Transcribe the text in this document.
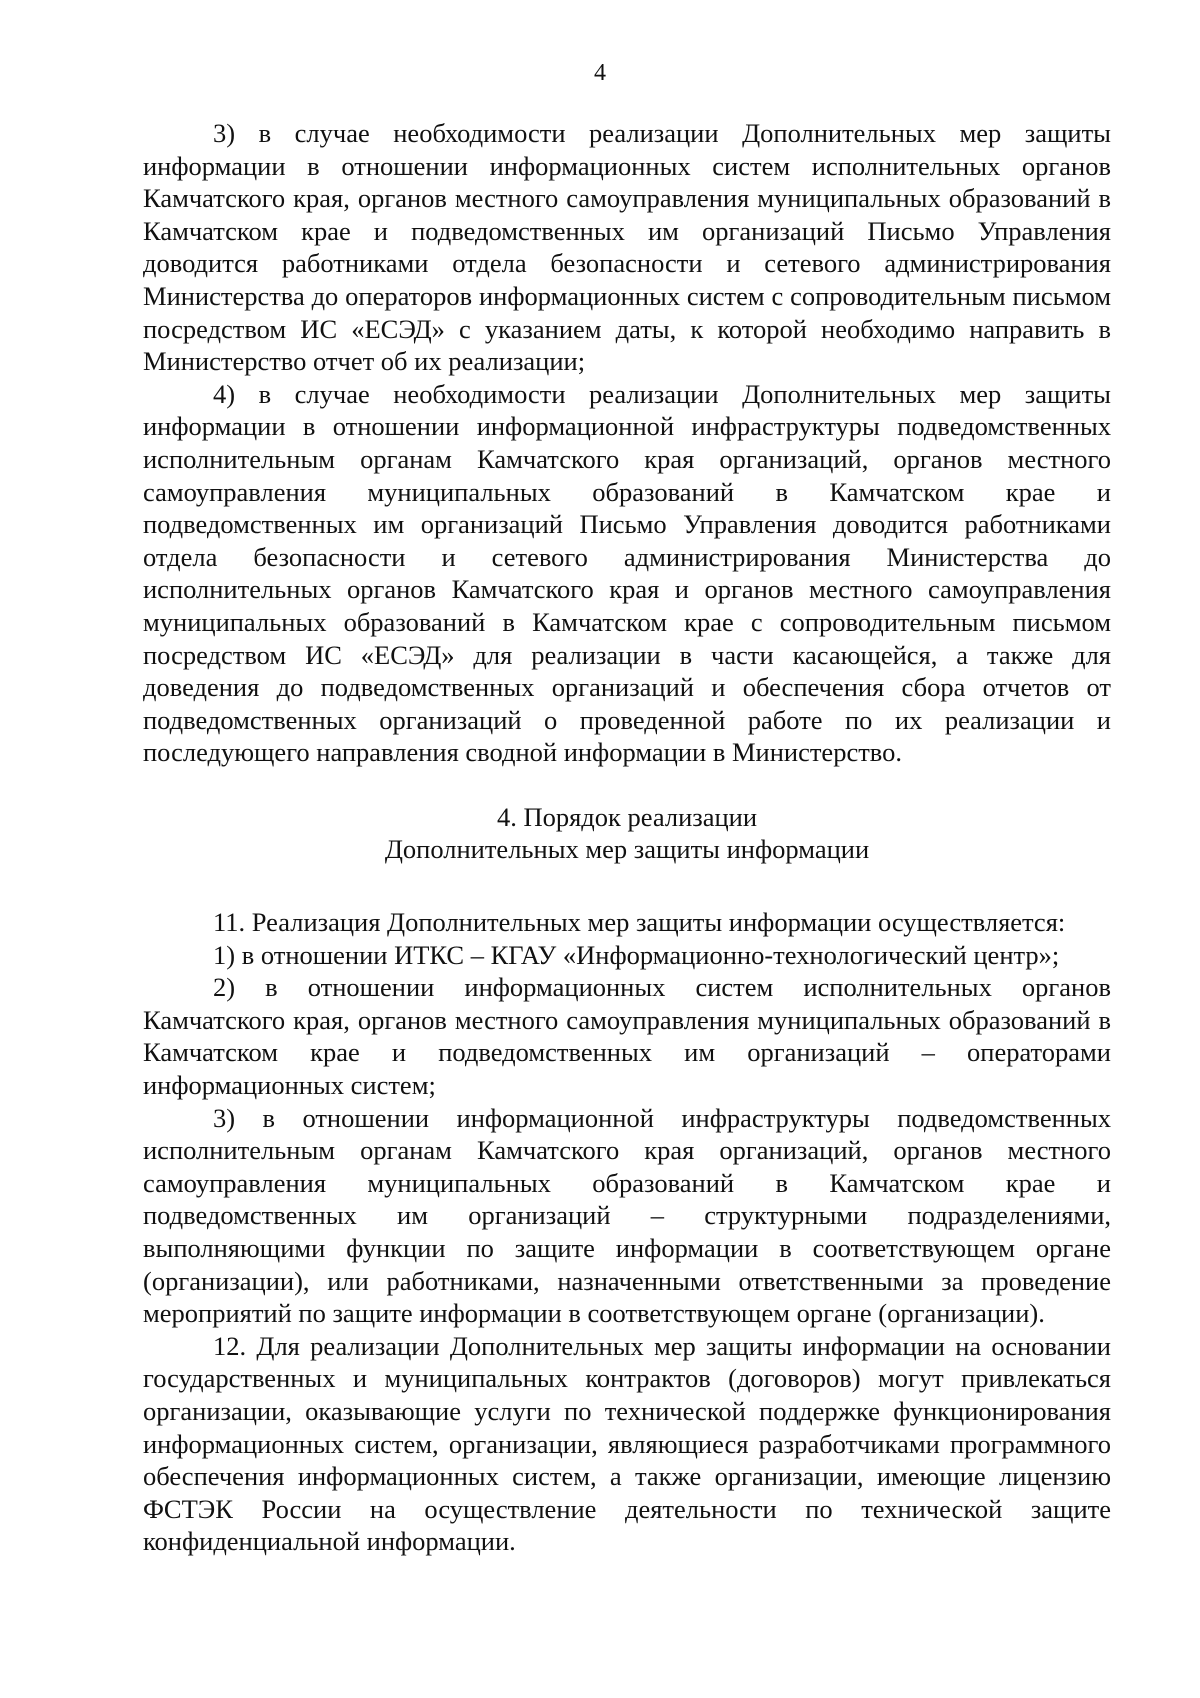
4

3) в случае необходимости реализации Дополнительных мер защиты информации в отношении информационных систем исполнительных органов Камчатского края, органов местного самоуправления муниципальных образований в Камчатском крае и подведомственных им организаций Письмо Управления доводится работниками отдела безопасности и сетевого администрирования Министерства до операторов информационных систем с сопроводительным письмом посредством ИС «ЕСЭД» с указанием даты, к которой необходимо направить в Министерство отчет об их реализации;

4) в случае необходимости реализации Дополнительных мер защиты информации в отношении информационной инфраструктуры подведомственных исполнительным органам Камчатского края организаций, органов местного самоуправления муниципальных образований в Камчатском крае и подведомственных им организаций Письмо Управления доводится работниками отдела безопасности и сетевого администрирования Министерства до исполнительных органов Камчатского края и органов местного самоуправления муниципальных образований в Камчатском крае с сопроводительным письмом посредством ИС «ЕСЭД» для реализации в части касающейся, а также для доведения до подведомственных организаций и обеспечения сбора отчетов от подведомственных организаций о проведенной работе по их реализации и последующего направления сводной информации в Министерство.

4. Порядок реализации

Дополнительных мер защиты информации

11. Реализация Дополнительных мер защиты информации осуществляется:

1) в отношении ИТКС – КГАУ «Информационно-технологический центр»;

2) в отношении информационных систем исполнительных органов Камчатского края, органов местного самоуправления муниципальных образований в Камчатском крае и подведомственных им организаций – операторами информационных систем;

3) в отношении информационной инфраструктуры подведомственных исполнительным органам Камчатского края организаций, органов местного самоуправления муниципальных образований в Камчатском крае и подведомственных им организаций – структурными подразделениями, выполняющими функции по защите информации в соответствующем органе (организации), или работниками, назначенными ответственными за проведение мероприятий по защите информации в соответствующем органе (организации).

12. Для реализации Дополнительных мер защиты информации на основании государственных и муниципальных контрактов (договоров) могут привлекаться организации, оказывающие услуги по технической поддержке функционирования информационных систем, организации, являющиеся разработчиками программного обеспечения информационных систем, а также организации, имеющие лицензию ФСТЭК России на осуществление деятельности по технической защите конфиденциальной информации.
